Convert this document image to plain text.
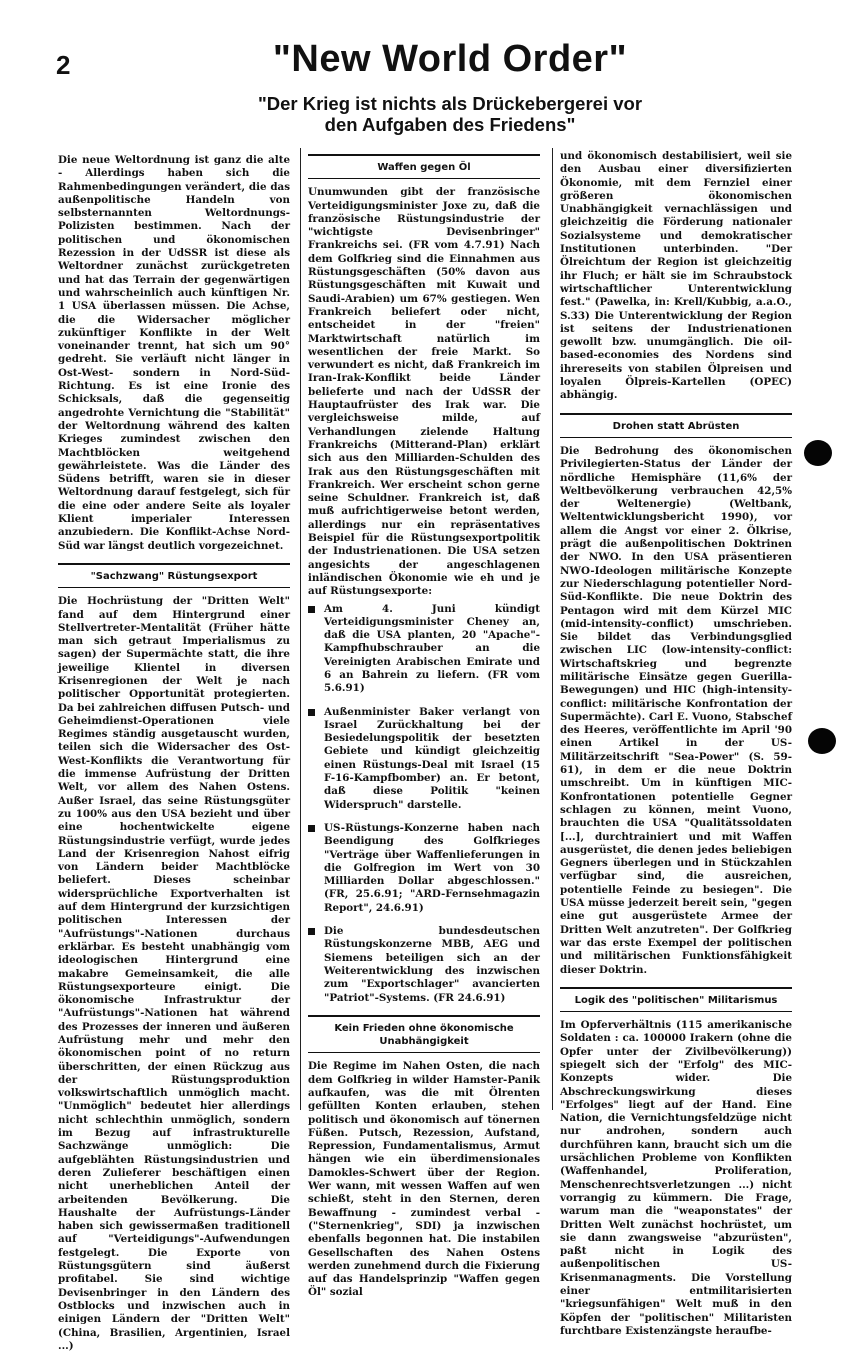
2	"New World Order"
"Der Krieg ist nichts als Drückebergerei vor den Aufgaben des Friedens"

Die neue Weltordnung ist ganz die alte - Allerdings haben sich die Rahmenbedingungen verändert, die das außenpolitische Handeln von selbsternannten Weltordnungs-Polizisten bestimmen. Nach der politischen und ökonomischen Rezession in der UdSSR ist diese als Weltordner zunächst zurückgetreten und hat das Terrain der gegenwärtigen und wahrscheinlich auch künftigen Nr. 1 USA überlassen müssen. Die Achse, die die Widersacher möglicher zukünftiger Konflikte in der Welt voneinander trennt, hat sich um 90° gedreht. Sie verläuft nicht länger in Ost-West- sondern in Nord-Süd-Richtung. Es ist eine Ironie des Schicksals, daß die gegenseitig angedrohte Vernichtung die "Stabilität" der Weltordnung während des kalten Krieges zumindest zwischen den Machtblöcken weitgehend gewährleistete. Was die Länder des Südens betrifft, waren sie in dieser Weltordnung darauf festgelegt, sich für die eine oder andere Seite als loyaler Klient imperialer Interessen anzubiedern. Die Konflikt-Achse Nord-Süd war längst deutlich vorgezeichnet.

"Sachzwang" Rüstungsexport

Die Hochrüstung der "Dritten Welt" fand auf dem Hintergrund einer Stellvertreter-Mentalität (Früher hätte man sich getraut Imperialismus zu sagen) der Supermächte statt, die ihre jeweilige Klientel in diversen Krisenregionen der Welt je nach politischer Opportunität protegierten. Da bei zahlreichen diffusen Putsch- und Geheimdienst-Operationen viele Regimes ständig ausgetauscht wurden, teilen sich die Widersacher des Ost-West-Konflikts die Verantwortung für die immense Aufrüstung der Dritten Welt, vor allem des Nahen Ostens. Außer Israel, das seine Rüstungsgüter zu 100% aus den USA bezieht und über eine hochentwickelte eigene Rüstungsindustrie verfügt, wurde jedes Land der Krisenregion Nahost eifrig von Ländern beider Machtblöcke beliefert. Dieses scheinbar widersprüchliche Exportverhalten ist auf dem Hintergrund der kurzsichtigen politischen Interessen der "Aufrüstungs"-Nationen durchaus erklärbar. Es besteht unabhängig vom ideologischen Hintergrund eine makabre Gemeinsamkeit, die alle Rüstungsexporteure einigt. Die ökonomische Infrastruktur der "Aufrüstungs"-Nationen hat während des Prozesses der inneren und äußeren Aufrüstung mehr und mehr den ökonomischen point of no return überschritten, der einen Rückzug aus der Rüstungsproduktion volkswirtschaftlich unmöglich macht. "Unmöglich" bedeutet hier allerdings nicht schlechthin unmöglich, sondern im Bezug auf infrastrukturelle Sachzwänge unmöglich: Die aufgeblähten Rüstungsindustrien und deren Zulieferer beschäftigen einen nicht unerheblichen Anteil der arbeitenden Bevölkerung. Die Haushalte der Aufrüstungs-Länder haben sich gewissermaßen traditionell auf "Verteidigungs"-Aufwendungen festgelegt. Die Exporte von Rüstungsgütern sind äußerst profitabel. Sie sind wichtige Devisenbringer in den Ländern des Ostblocks und inzwischen auch in einigen Ländern der "Dritten Welt" (China, Brasilien, Argentinien, Israel ...)

Waffen gegen Öl

Unumwunden gibt der französische Verteidigungsminister Joxe zu, daß die französische Rüstungsindustrie der "wichtigste Devisenbringer" Frankreichs sei. (FR vom 4.7.91) Nach dem Golfkrieg sind die Einnahmen aus Rüstungsgeschäften (50% davon aus Rüstungsgeschäften mit Kuwait und Saudi-Arabien) um 67% gestiegen. Wen Frankreich beliefert oder nicht, entscheidet in der "freien" Marktwirtschaft natürlich im wesentlichen der freie Markt. So verwundert es nicht, daß Frankreich im Iran-Irak-Konflikt beide Länder belieferte und nach der UdSSR der Hauptaufrüster des Irak war. Die vergleichsweise milde, auf Verhandlungen zielende Haltung Frankreichs (Mitterand-Plan) erklärt sich aus den Milliarden-Schulden des Irak aus den Rüstungsgeschäften mit Frankreich. Wer erscheint schon gerne seine Schuldner. Frankreich ist, daß muß aufrichtigerweise betont werden, allerdings nur ein repräsentatives Beispiel für die Rüstungsexportpolitik der Industrienationen. Die USA setzen angesichts der angeschlagenen inländischen Ökonomie wie eh und je auf Rüstungsexporte:

Am 4. Juni kündigt Verteidigungsminister Cheney an, daß die USA planten, 20 "Apache"-Kampfhubschrauber an die Vereinigten Arabischen Emirate und 6 an Bahrein zu liefern. (FR vom 5.6.91)
Außenminister Baker verlangt von Israel Zurückhaltung bei der Besiedelungspolitik der besetzten Gebiete und kündigt gleichzeitig einen Rüstungs-Deal mit Israel (15 F-16-Kampfbomber) an. Er betont, daß diese Politik "keinen Widerspruch" darstelle.
US-Rüstungs-Konzerne haben nach Beendigung des Golfkrieges "Verträge über Waffenlieferungen in die Golfregion im Wert von 30 Milliarden Dollar abgeschlossen." (FR, 25.6.91; "ARD-Fernsehmagazin Report", 24.6.91)
Die bundesdeutschen Rüstungskonzerne MBB, AEG und Siemens beteiligen sich an der Weiterentwicklung des inzwischen zum "Exportschlager" avancierten "Patriot"-Systems. (FR 24.6.91)
Kein Frieden ohne ökonomische Unabhängigkeit

Die Regime im Nahen Osten, die nach dem Golfkrieg in wilder Hamster-Panik aufkaufen, was die mit Ölrenten gefüllten Konten erlauben, stehen politisch und ökonomisch auf tönernen Füßen. Putsch, Rezession, Aufstand, Repression, Fundamentalismus, Armut hängen wie ein überdimensionales Damokles-Schwert über der Region. Wer wann, mit wessen Waffen auf wen schießt, steht in den Sternen, deren Bewaffnung - zumindest verbal - ("Sternenkrieg", SDI) ja inzwischen ebenfalls begonnen hat. Die instabilen Gesellschaften des Nahen Ostens werden zunehmend durch die Fixierung auf das Handelsprinzip "Waffen gegen Öl" sozial

und ökonomisch destabilisiert, weil sie den Ausbau einer diversifizierten Ökonomie, mit dem Fernziel einer größeren ökonomischen Unabhängigkeit vernachlässigen und gleichzeitig die Förderung nationaler Sozialsysteme und demokratischer Institutionen unterbinden. "Der Ölreichtum der Region ist gleichzeitig ihr Fluch; er hält sie im Schraubstock wirtschaftlicher Unterentwicklung fest." (Pawelka, in: Krell/Kubbig, a.a.O., S.33) Die Unterentwicklung der Region ist seitens der Industrienationen gewollt bzw. unumgänglich. Die oil-based-economies des Nordens sind ihrereseits von stabilen Ölpreisen und loyalen Ölpreis-Kartellen (OPEC) abhängig.

Drohen statt Abrüsten

Die Bedrohung des ökonomischen Privilegierten-Status der Länder der nördliche Hemisphäre (11,6% der Weltbevölkerung verbrauchen 42,5% der Weltenergie) (Weltbank, Weltentwicklungsbericht 1990), vor allem die Angst vor einer 2. Ölkrise, prägt die außenpolitischen Doktrinen der NWO. In den USA präsentieren NWO-Ideologen militärische Konzepte zur Niederschlagung potentieller Nord-Süd-Konflikte. Die neue Doktrin des Pentagon wird mit dem Kürzel MIC (mid-intensity-conflict) umschrieben. Sie bildet das Verbindungsglied zwischen LIC (low-intensity-conflict: Wirtschaftskrieg und begrenzte militärische Einsätze gegen Guerilla-Bewegungen) und HIC (high-intensity-conflict: militärische Konfrontation der Supermächte). Carl E. Vuono, Stabschef des Heeres, veröffentlichte im April '90 einen Artikel in der US-Militärzeitschrift "Sea-Power" (S. 59-61), in dem er die neue Doktrin umschreibt. Um in künftigen MIC-Konfrontationen potentielle Gegner schlagen zu können, meint Vuono, brauchten die USA "Qualitätssoldaten [...], durchtrainiert und mit Waffen ausgerüstet, die denen jedes beliebigen Gegners überlegen und in Stückzahlen verfügbar sind, die ausreichen, potentielle Feinde zu besiegen". Die USA müsse jederzeit bereit sein, "gegen eine gut ausgerüstete Armee der Dritten Welt anzutreten". Der Golfkrieg war das erste Exempel der politischen und militärischen Funktionsfähigkeit dieser Doktrin.

Logik des "politischen" Militarismus

Im Opferverhältnis (115 amerikanische Soldaten : ca. 100000 Irakern (ohne die Opfer unter der Zivilbevölkerung)) spiegelt sich der "Erfolg" des MIC-Konzepts wider. Die Abschreckungswirkung dieses "Erfolges" liegt auf der Hand. Eine Nation, die Vernichtungsfeldzüge nicht nur androhen, sondern auch durchführen kann, braucht sich um die ursächlichen Probleme von Konflikten (Waffenhandel, Proliferation, Menschenrechtsverletzungen ...) nicht vorrangig zu kümmern. Die Frage, warum man die "weaponstates" der Dritten Welt zunächst hochrüstet, um sie dann zwangsweise "abzurüsten", paßt nicht in Logik des außenpolitischen US-Krisenmanagments. Die Vorstellung einer entmilitarisierten "kriegsunfähigen" Welt muß in den Köpfen der "politischen" Militaristen furchtbare Existenzängste heraufbe-
